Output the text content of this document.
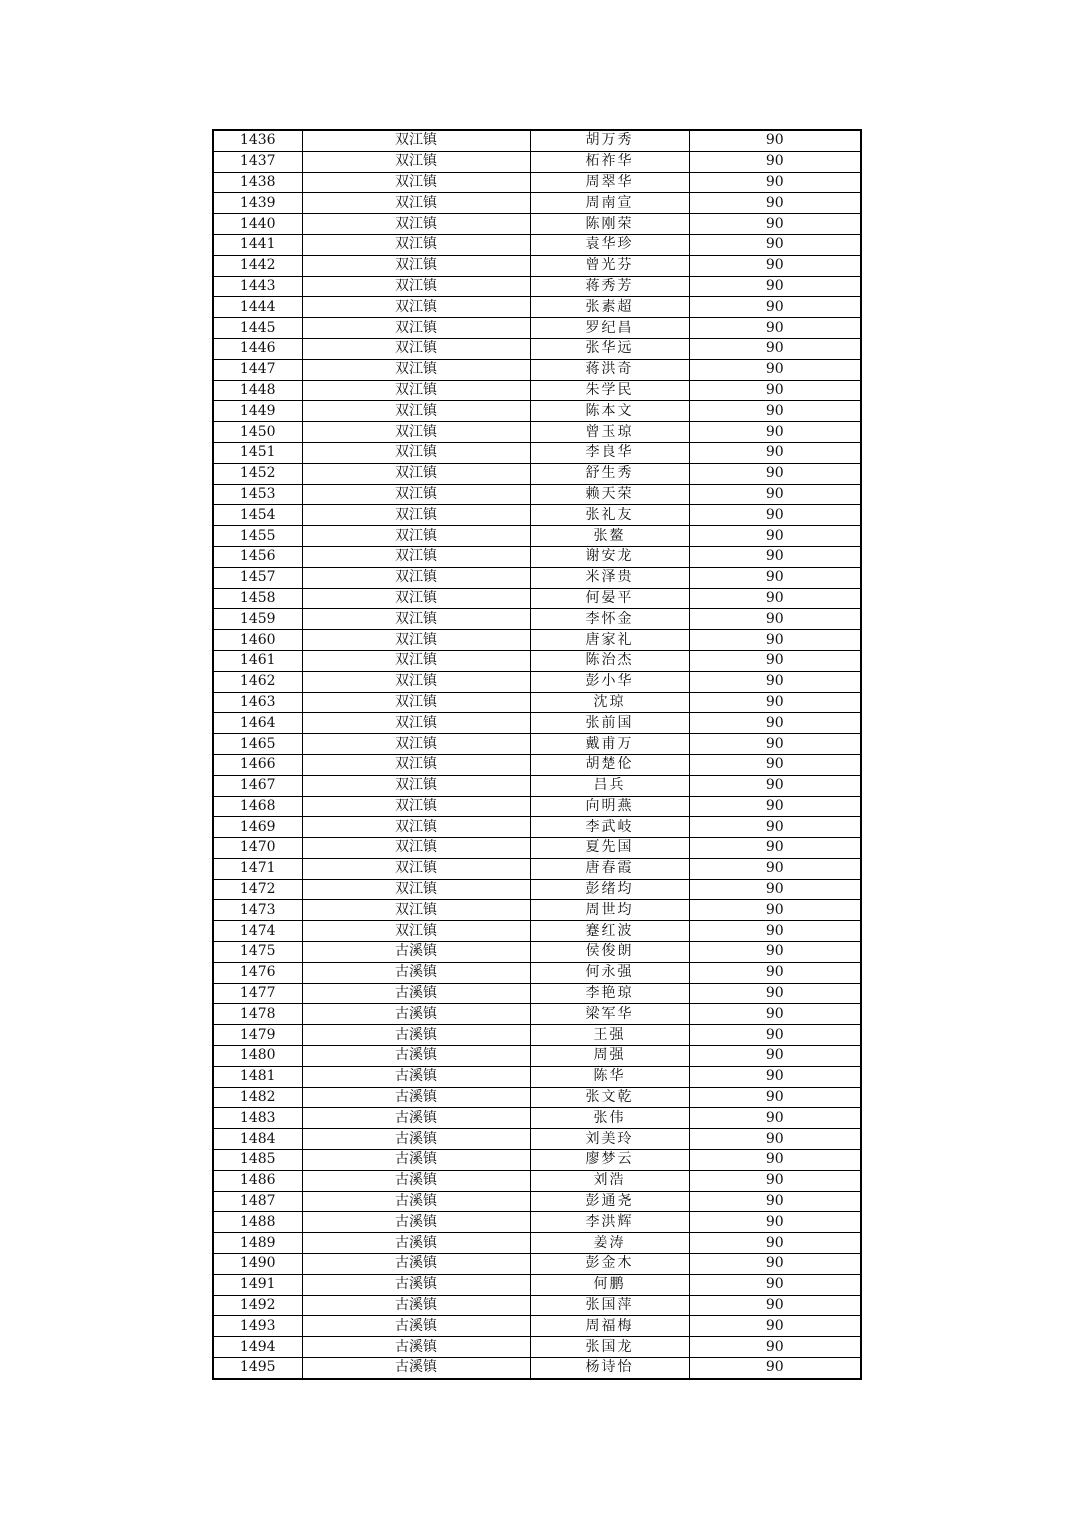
1436	双江镇	胡万秀	90
1437	双江镇	柘祚华	90
1438	双江镇	周翠华	90
1439	双江镇	周南宣	90
1440	双江镇	陈刚荣	90
1441	双江镇	袁华珍	90
1442	双江镇	曾光芬	90
1443	双江镇	蒋秀芳	90
1444	双江镇	张素超	90
1445	双江镇	罗纪昌	90
1446	双江镇	张华远	90
1447	双江镇	蒋洪奇	90
1448	双江镇	朱学民	90
1449	双江镇	陈本文	90
1450	双江镇	曾玉琼	90
1451	双江镇	李良华	90
1452	双江镇	舒生秀	90
1453	双江镇	赖天荣	90
1454	双江镇	张礼友	90
1455	双江镇	张鳌	90
1456	双江镇	谢安龙	90
1457	双江镇	米泽贵	90
1458	双江镇	何晏平	90
1459	双江镇	李怀金	90
1460	双江镇	唐家礼	90
1461	双江镇	陈治杰	90
1462	双江镇	彭小华	90
1463	双江镇	沈琼	90
1464	双江镇	张前国	90
1465	双江镇	戴甫万	90
1466	双江镇	胡楚伦	90
1467	双江镇	吕兵	90
1468	双江镇	向明燕	90
1469	双江镇	李武岐	90
1470	双江镇	夏先国	90
1471	双江镇	唐春霞	90
1472	双江镇	彭绪均	90
1473	双江镇	周世均	90
1474	双江镇	蹇红波	90
1475	古溪镇	侯俊朗	90
1476	古溪镇	何永强	90
1477	古溪镇	李艳琼	90
1478	古溪镇	梁军华	90
1479	古溪镇	王强	90
1480	古溪镇	周强	90
1481	古溪镇	陈华	90
1482	古溪镇	张文乾	90
1483	古溪镇	张伟	90
1484	古溪镇	刘美玲	90
1485	古溪镇	廖梦云	90
1486	古溪镇	刘浩	90
1487	古溪镇	彭通尧	90
1488	古溪镇	李洪辉	90
1489	古溪镇	姜涛	90
1490	古溪镇	彭金木	90
1491	古溪镇	何鹏	90
1492	古溪镇	张国萍	90
1493	古溪镇	周福梅	90
1494	古溪镇	张国龙	90
1495	古溪镇	杨诗怡	90
